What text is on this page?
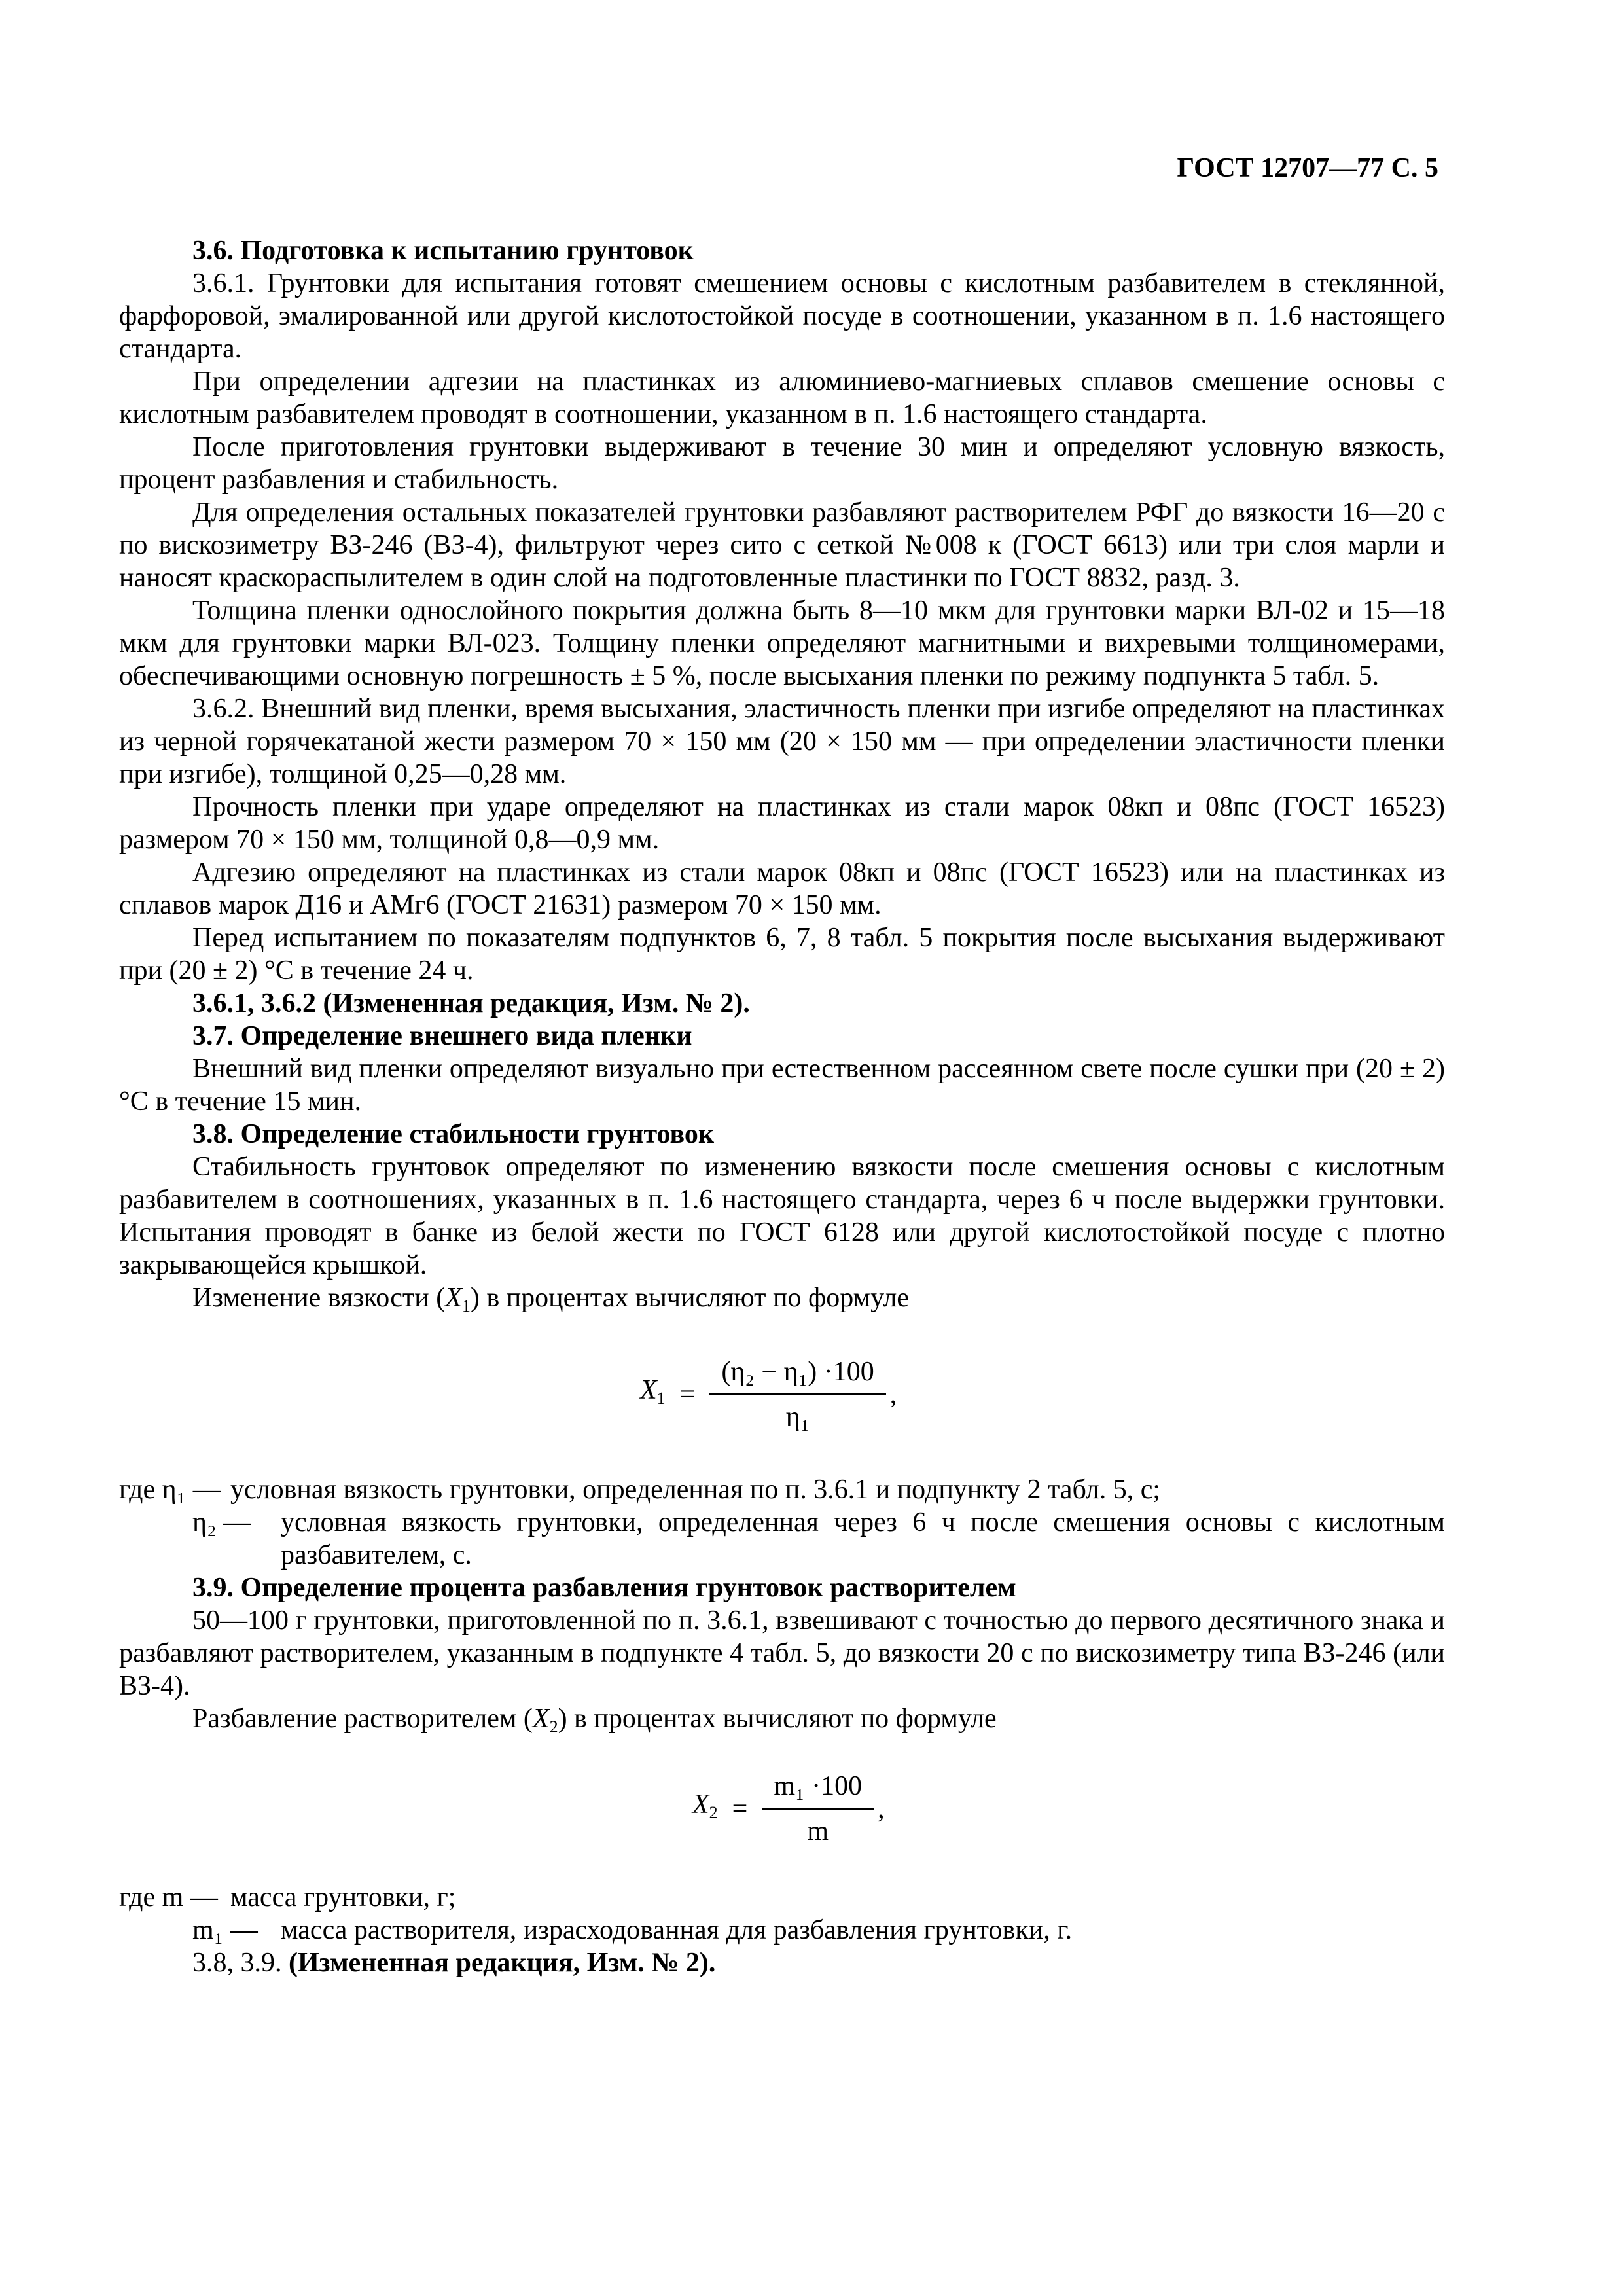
ГОСТ 12707—77 С. 5

3.6. Подготовка к испытанию грунтовок

3.6.1. Грунтовки для испытания готовят смешением основы с кислотным разбавителем в стеклянной, фарфоровой, эмалированной или другой кислотостойкой посуде в соотношении, указанном в п. 1.6 настоящего стандарта.

При определении адгезии на пластинках из алюминиево-магниевых сплавов смешение основы с кислотным разбавителем проводят в соотношении, указанном в п. 1.6 настоящего стандарта.

После приготовления грунтовки выдерживают в течение 30 мин и определяют условную вязкость, процент разбавления и стабильность.

Для определения остальных показателей грунтовки разбавляют растворителем РФГ до вязкости 16—20 с по вискозиметру ВЗ-246 (ВЗ-4), фильтруют через сито с сеткой №008 к (ГОСТ 6613) или три слоя марли и наносят краскораспылителем в один слой на подготовленные пластинки по ГОСТ 8832, разд. 3.

Толщина пленки однослойного покрытия должна быть 8—10 мкм для грунтовки марки ВЛ-02 и 15—18 мкм для грунтовки марки ВЛ-023. Толщину пленки определяют магнитными и вихревыми толщиномерами, обеспечивающими основную погрешность ± 5 %, после высыхания пленки по режиму подпункта 5 табл. 5.

3.6.2. Внешний вид пленки, время высыхания, эластичность пленки при изгибе определяют на пластинках из черной горячекатаной жести размером 70 × 150 мм (20 × 150 мм — при определении эластичности пленки при изгибе), толщиной 0,25—0,28 мм.

Прочность пленки при ударе определяют на пластинках из стали марок 08кп и 08пс (ГОСТ 16523) размером 70 × 150 мм, толщиной 0,8—0,9 мм.

Адгезию определяют на пластинках из стали марок 08кп и 08пс (ГОСТ 16523) или на пластинках из сплавов марок Д16 и АМг6 (ГОСТ 21631) размером 70 × 150 мм.

Перед испытанием по показателям подпунктов 6, 7, 8 табл. 5 покрытия после высыхания выдерживают при (20 ± 2) °С в течение 24 ч.

3.6.1, 3.6.2 (Измененная редакция, Изм. № 2).

3.7. Определение внешнего вида пленки

Внешний вид пленки определяют визуально при естественном рассеянном свете после сушки при (20 ± 2) °С в течение 15 мин.

3.8. Определение стабильности грунтовок

Стабильность грунтовок определяют по изменению вязкости после смешения основы с кислотным разбавителем в соотношениях, указанных в п. 1.6 настоящего стандарта, через 6 ч после выдержки грунтовки. Испытания проводят в банке из белой жести по ГОСТ 6128 или другой кислотостойкой посуде с плотно закрывающейся крышкой.

Изменение вязкости $(X_1)$ в процентах вычисляют по формуле

$X_1 = \frac{\text{(η₂ − η₁) ·100}}{\text{η₁}}$ ,
где η₁ — условная вязкость грунтовки, определенная по п. 3.6.1 и подпункту 2 табл. 5, с;
η₂ —	условная вязкость грунтовки, определенная через 6 ч после смешения основы с кислотным разбавителем, с.

3.9. Определение процента разбавления грунтовок растворителем

50—100 г грунтовки, приготовленной по п. 3.6.1, взвешивают с точностью до первого десятичного знака и разбавляют растворителем, указанным в подпункте 4 табл. 5, до вязкости 20 с по вискозиметру типа ВЗ-246 (или ВЗ-4).

Разбавление растворителем $(X_2)$ в процентах вычисляют по формуле

$X_2 = \frac{\text{m₁ ·100}}{m}$ ,
где m — масса грунтовки, г;
m₁ — масса растворителя, израсходованная для разбавления грунтовки, г.

3.8, 3.9. (Измененная редакция, Изм. № 2).
